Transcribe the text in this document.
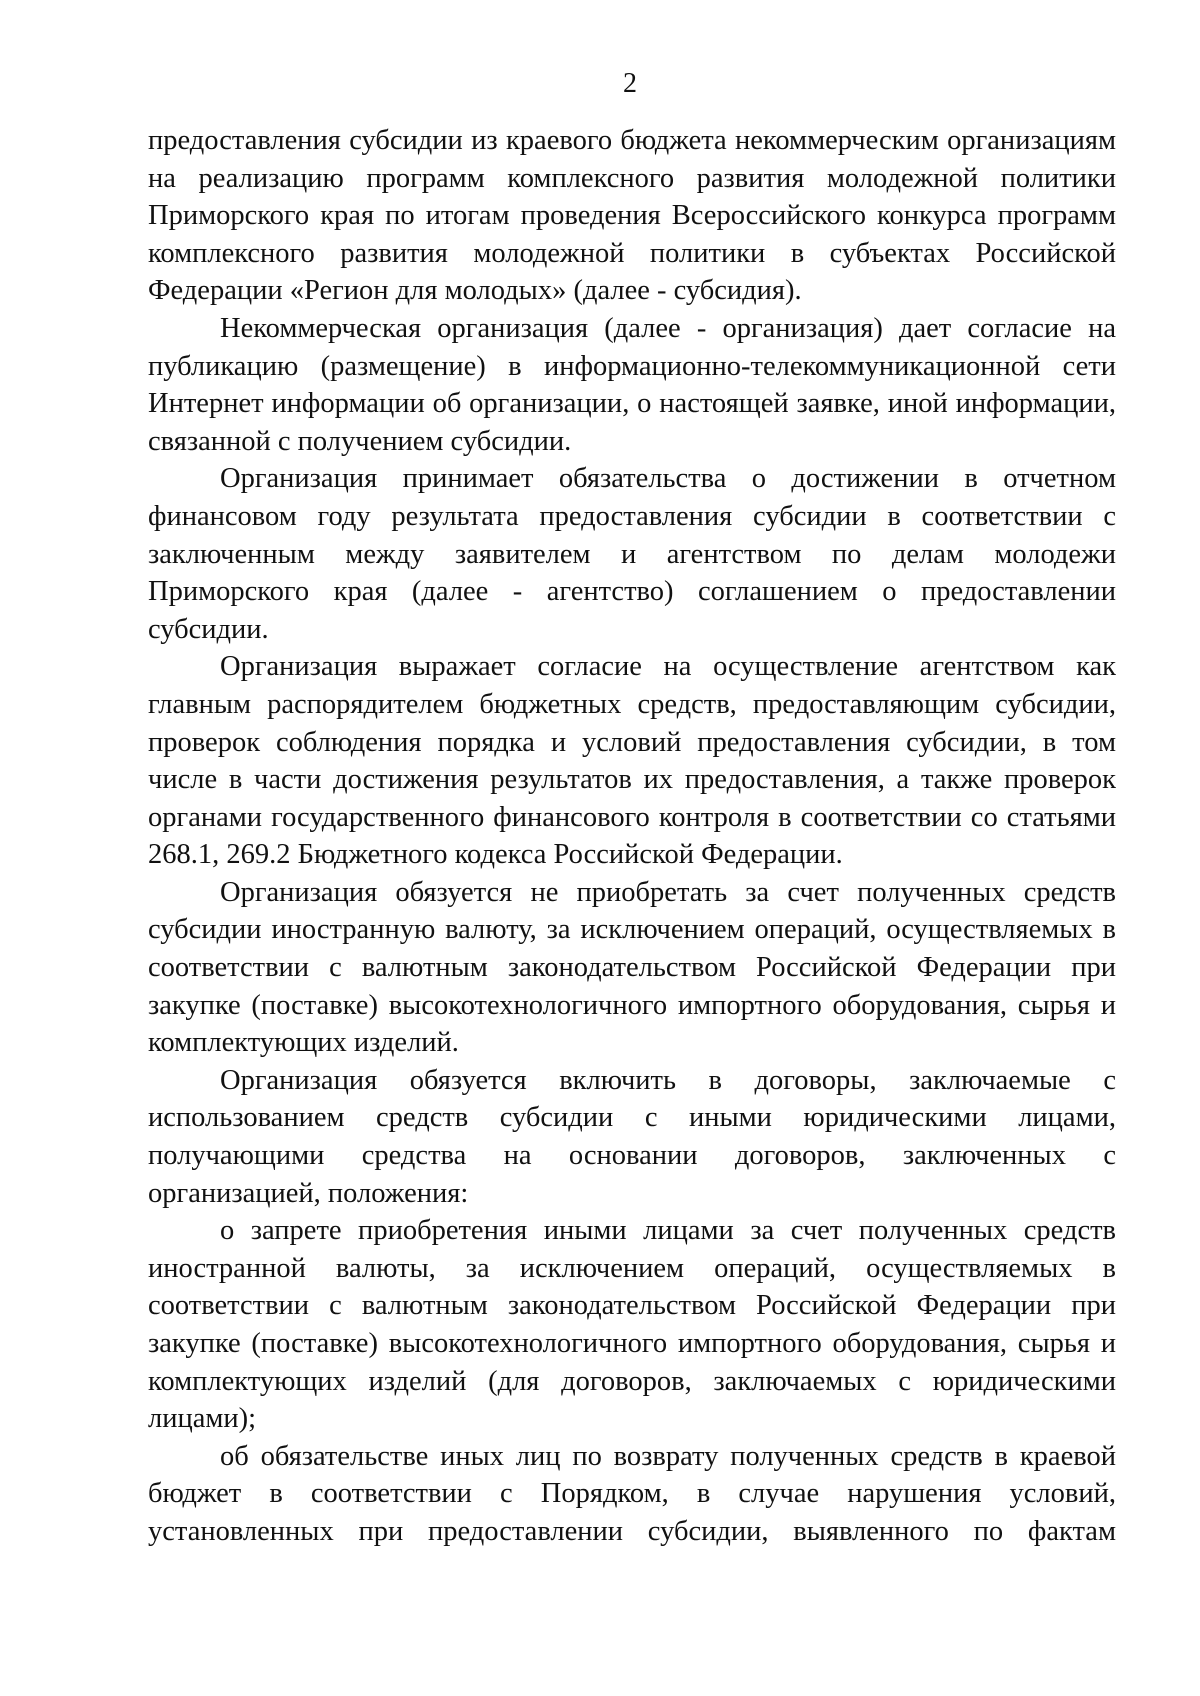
2
предоставления субсидии из краевого бюджета некоммерческим организациям
на реализацию программ комплексного развития молодежной политики
Приморского края по итогам проведения Всероссийского конкурса программ
комплексного развития молодежной политики в субъектах Российской
Федерации «Регион для молодых» (далее - субсидия).
Некоммерческая организация (далее - организация) дает согласие на
публикацию (размещение) в информационно-телекоммуникационной сети
Интернет информации об организации, о настоящей заявке, иной информации,
связанной с получением субсидии.
Организация принимает обязательства о достижении в отчетном
финансовом году результата предоставления субсидии в соответствии с
заключенным между заявителем и агентством по делам молодежи
Приморского края (далее - агентство) соглашением о предоставлении
субсидии.
Организация выражает согласие на осуществление агентством как
главным распорядителем бюджетных средств, предоставляющим субсидии,
проверок соблюдения порядка и условий предоставления субсидии, в том
числе в части достижения результатов их предоставления, а также проверок
органами государственного финансового контроля в соответствии со статьями
268.1, 269.2 Бюджетного кодекса Российской Федерации.
Организация обязуется не приобретать за счет полученных средств
субсидии иностранную валюту, за исключением операций, осуществляемых в
соответствии с валютным законодательством Российской Федерации при
закупке (поставке) высокотехнологичного импортного оборудования, сырья и
комплектующих изделий.
Организация обязуется включить в договоры, заключаемые с
использованием средств субсидии с иными юридическими лицами,
получающими средства на основании договоров, заключенных с
организацией, положения:
о запрете приобретения иными лицами за счет полученных средств
иностранной валюты, за исключением операций, осуществляемых в
соответствии с валютным законодательством Российской Федерации при
закупке (поставке) высокотехнологичного импортного оборудования, сырья и
комплектующих изделий (для договоров, заключаемых с юридическими
лицами);
об обязательстве иных лиц по возврату полученных средств в краевой
бюджет в соответствии с Порядком, в случае нарушения условий,
установленных при предоставлении субсидии, выявленного по фактам
